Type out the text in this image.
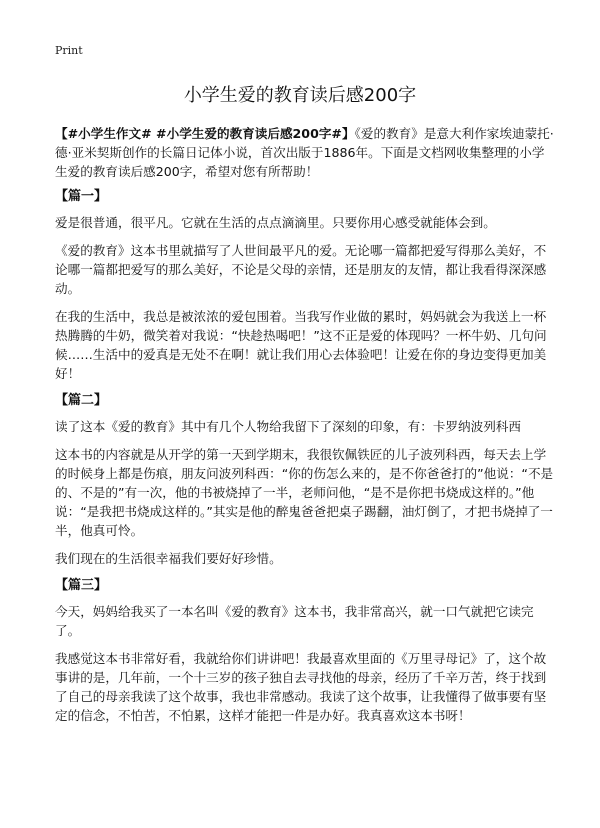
Print
小学生爱的教育读后感200字

【#小学生作文# #小学生爱的教育读后感200字#】《爱的教育》是意大利作家埃迪蒙托·德·亚米契斯创作的长篇日记体小说，首次出版于1886年。下面是文档网收集整理的小学生爱的教育读后感200字，希望对您有所帮助！

【篇一】

爱是很普通，很平凡。它就在生活的点点滴滴里。只要你用心感受就能体会到。

《爱的教育》这本书里就描写了人世间最平凡的爱。无论哪一篇都把爱写得那么美好，不论哪一篇都把爱写的那么美好，不论是父母的亲情，还是朋友的友情，都让我看得深深感动。

在我的生活中，我总是被浓浓的爱包围着。当我写作业做的累时，妈妈就会为我送上一杯热腾腾的牛奶，微笑着对我说：“快趁热喝吧！”这不正是爱的体现吗？一杯牛奶、几句问候……生活中的爱真是无处不在啊！就让我们用心去体验吧！让爱在你的身边变得更加美好！

【篇二】

读了这本《爱的教育》其中有几个人物给我留下了深刻的印象，有：卡罗纳波列科西

这本书的内容就是从开学的第一天到学期末，我很钦佩铁匠的儿子波列科西，每天去上学的时候身上都是伤痕，朋友问波列科西：“你的伤怎么来的，是不你爸爸打的”他说：“不是的、不是的”有一次，他的书被烧掉了一半，老师问他，“是不是你把书烧成这样的。”他说：“是我把书烧成这样的。”其实是他的醉鬼爸爸把桌子踢翻，油灯倒了，才把书烧掉了一半，他真可怜。

我们现在的生活很幸福我们要好好珍惜。

【篇三】

今天，妈妈给我买了一本名叫《爱的教育》这本书，我非常高兴，就一口气就把它读完了。

我感觉这本书非常好看，我就给你们讲讲吧！我最喜欢里面的《万里寻母记》了，这个故事讲的是，几年前，一个十三岁的孩子独自去寻找他的母亲，经历了千辛万苦，终于找到了自己的母亲我读了这个故事，我也非常感动。我读了这个故事，让我懂得了做事要有坚定的信念，不怕苦，不怕累，这样才能把一件是办好。我真喜欢这本书呀！
